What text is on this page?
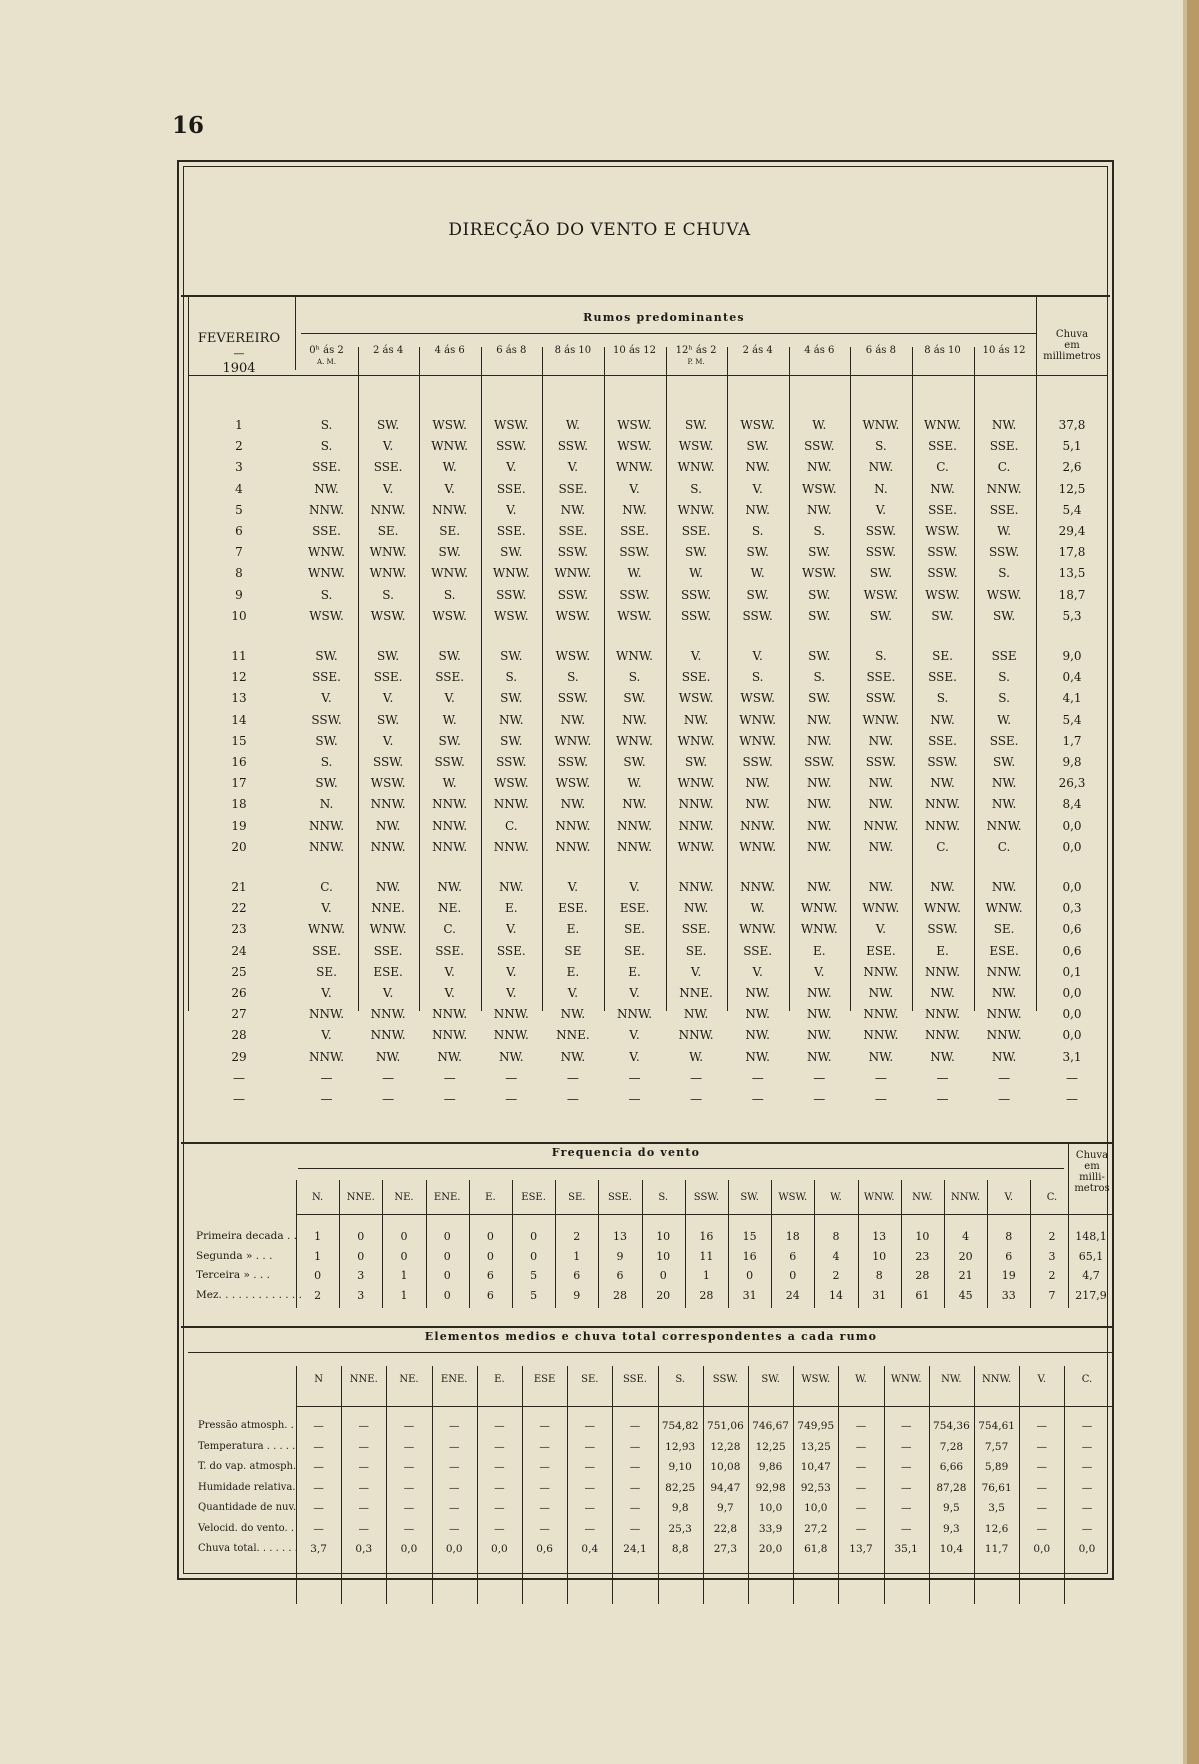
16
DIRECÇÃO DO VENTO E CHUVA
Rumos predominantes
FEVEREIRO
—
1904
Chuva
em
millimetros
0ʰ ás 2
A. M.
2 ás 4	4 ás 6	6 ás 8	8 ás 10	10 ás 12	12ʰ ás 2
P. M.
2 ás 4	4 ás 6	6 ás 8	8 ás 10	10 ás 12
1	S.	SW.	WSW.	WSW.	W.	WSW.	SW.	WSW.	W.	WNW.	WNW.	NW.	37,8
2	S.	V.	WNW.	SSW.	SSW.	WSW.	WSW.	SW.	SSW.	S.	SSE.	SSE.	5,1
3	SSE.	SSE.	W.	V.	V.	WNW.	WNW.	NW.	NW.	NW.	C.	C.	2,6
4	NW.	V.	V.	SSE.	SSE.	V.	S.	V.	WSW.	N.	NW.	NNW.	12,5
5	NNW.	NNW.	NNW.	V.	NW.	NW.	WNW.	NW.	NW.	V.	SSE.	SSE.	5,4
6	SSE.	SE.	SE.	SSE.	SSE.	SSE.	SSE.	S.	S.	SSW.	WSW.	W.	29,4
7	WNW.	WNW.	SW.	SW.	SSW.	SSW.	SW.	SW.	SW.	SSW.	SSW.	SSW.	17,8
8	WNW.	WNW.	WNW.	WNW.	WNW.	W.	W.	W.	WSW.	SW.	SSW.	S.	13,5
9	S.	S.	S.	SSW.	SSW.	SSW.	SSW.	SW.	SW.	WSW.	WSW.	WSW.	18,7
10	WSW.	WSW.	WSW.	WSW.	WSW.	WSW.	SSW.	SSW.	SW.	SW.	SW.	SW.	5,3
11	SW.	SW.	SW.	SW.	WSW.	WNW.	V.	V.	SW.	S.	SE.	SSE	9,0
12	SSE.	SSE.	SSE.	S.	S.	S.	SSE.	S.	S.	SSE.	SSE.	S.	0,4
13	V.	V.	V.	SW.	SSW.	SW.	WSW.	WSW.	SW.	SSW.	S.	S.	4,1
14	SSW.	SW.	W.	NW.	NW.	NW.	NW.	WNW.	NW.	WNW.	NW.	W.	5,4
15	SW.	V.	SW.	SW.	WNW.	WNW.	WNW.	WNW.	NW.	NW.	SSE.	SSE.	1,7
16	S.	SSW.	SSW.	SSW.	SSW.	SW.	SW.	SSW.	SSW.	SSW.	SSW.	SW.	9,8
17	SW.	WSW.	W.	WSW.	WSW.	W.	WNW.	NW.	NW.	NW.	NW.	NW.	26,3
18	N.	NNW.	NNW.	NNW.	NW.	NW.	NNW.	NW.	NW.	NW.	NNW.	NW.	8,4
19	NNW.	NW.	NNW.	C.	NNW.	NNW.	NNW.	NNW.	NW.	NNW.	NNW.	NNW.	0,0
20	NNW.	NNW.	NNW.	NNW.	NNW.	NNW.	WNW.	WNW.	NW.	NW.	C.	C.	0,0
21	C.	NW.	NW.	NW.	V.	V.	NNW.	NNW.	NW.	NW.	NW.	NW.	0,0
22	V.	NNE.	NE.	E.	ESE.	ESE.	NW.	W.	WNW.	WNW.	WNW.	WNW.	0,3
23	WNW.	WNW.	C.	V.	E.	SE.	SSE.	WNW.	WNW.	V.	SSW.	SE.	0,6
24	SSE.	SSE.	SSE.	SSE.	SE	SE.	SE.	SSE.	E.	ESE.	E.	ESE.	0,6
25	SE.	ESE.	V.	V.	E.	E.	V.	V.	V.	NNW.	NNW.	NNW.	0,1
26	V.	V.	V.	V.	V.	V.	NNE.	NW.	NW.	NW.	NW.	NW.	0,0
27	NNW.	NNW.	NNW.	NNW.	NW.	NNW.	NW.	NW.	NW.	NNW.	NNW.	NNW.	0,0
28	V.	NNW.	NNW.	NNW.	NNE.	V.	NNW.	NW.	NW.	NNW.	NNW.	NNW.	0,0
29	NNW.	NW.	NW.	NW.	NW.	V.	W.	NW.	NW.	NW.	NW.	NW.	3,1
—	—	—	—	—	—	—	—	—	—	—	—	—	—
—	—	—	—	—	—	—	—	—	—	—	—	—	—
Frequencia do vento	Chuva
em
milli-
metros
N.	NNE.	NE.	ENE.	E.	ESE.	SE.	SSE.	S.	SSW.	SW.	WSW.	W.	WNW.	NW.	NNW.	V.	C.
Primeira decada . .	1	0	0	0	0	0	2	13	10	16	15	18	8	13	10	4	8	2	148,1
Segunda » . . .	1	0	0	0	0	0	1	9	10	11	16	6	4	10	23	20	6	3	65,1
Terceira » . . .	0	3	1	0	6	5	6	6	0	1	0	0	2	8	28	21	19	2	4,7
Mez. . . . . . . . . . . . .	2	3	1	0	6	5	9	28	20	28	31	24	14	31	61	45	33	7	217,9
Elementos medios e chuva total correspondentes a cada rumo
N	NNE.	NE.	ENE.	E.	ESE	SE.	SSE.	S.	SSW.	SW.	WSW.	W.	WNW.	NW.	NNW.	V.	C.
Pressão atmosph. .	—	—	—	—	—	—	—	—	754,82 751,06 746,67 749,95	—	—	754,36 754,61	—	—
Temperatura . . . . .	—	—	—	—	—	—	—	—	12,93	12,28	12,25	13,25	—	—	7,28	7,57	—	—
T. do vap. atmosph.	—	—	—	—	—	—	—	—	9,10	10,08	9,86	10,47	—	—	6,66	5,89	—	—
Humidade relativa.	—	—	—	—	—	—	—	—	82,25	94,47	92,98	92,53	—	—	87,28	76,61	—	—
Quantidade de nuv.	—	—	—	—	—	—	—	—	9,8	9,7	10,0	10,0	—	—	9,5	3,5	—	—
Velocid. do vento. .	—	—	—	—	—	—	—	—	25,3	22,8	33,9	27,2	—	—	9,3	12,6	—	—
Chuva total. . . . . . .	3,7	0,3	0,0	0,0	0,0	0,6	0,4	24,1	8,8	27,3	20,0	61,8	13,7	35,1	10,4	11,7	0,0	0,0
